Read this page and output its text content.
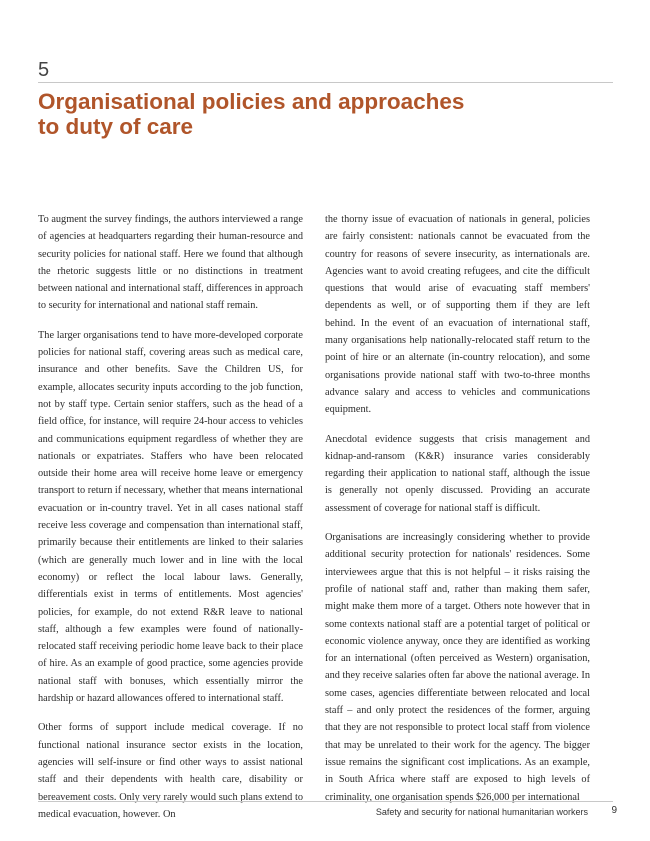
5
Organisational policies and approaches
to duty of care

To augment the survey findings, the authors interviewed a range of agencies at headquarters regarding their human-resource and security policies for national staff. Here we found that although the rhetoric suggests little or no distinctions in treatment between national and international staff, differences in approach to security for international and national staff remain.

The larger organisations tend to have more-developed corporate policies for national staff, covering areas such as medical care, insurance and other benefits. Save the Children US, for example, allocates security inputs according to the job function, not by staff type. Certain senior staffers, such as the head of a field office, for instance, will require 24-hour access to vehicles and communications equipment regardless of whether they are nationals or expatriates. Staffers who have been relocated outside their home area will receive home leave or emergency transport to return if necessary, whether that means international evacuation or in-country travel. Yet in all cases national staff receive less coverage and compensation than international staff, primarily because their entitlements are linked to their salaries (which are generally much lower and in line with the local economy) or reflect the local labour laws. Generally, differentials exist in terms of entitlements. Most agencies' policies, for example, do not extend R&R leave to national staff, although a few examples were found of nationally-relocated staff receiving periodic home leave back to their place of hire. As an example of good practice, some agencies provide national staff with bonuses, which essentially mirror the hardship or hazard allowances offered to international staff.

Other forms of support include medical coverage. If no functional national insurance sector exists in the location, agencies will self-insure or find other ways to assist national staff and their dependents with health care, disability or bereavement costs. Only very rarely would such plans extend to medical evacuation, however. On

the thorny issue of evacuation of nationals in general, policies are fairly consistent: nationals cannot be evacuated from the country for reasons of severe insecurity, as internationals are. Agencies want to avoid creating refugees, and cite the difficult questions that would arise of evacuating staff members' dependents as well, or of supporting them if they are left behind. In the event of an evacuation of international staff, many organisations help nationally-relocated staff return to the point of hire or an alternate (in-country relocation), and some organisations provide national staff with two-to-three months advance salary and access to vehicles and communications equipment.

Anecdotal evidence suggests that crisis management and kidnap-and-ransom (K&R) insurance varies considerably regarding their application to national staff, although the issue is generally not openly discussed. Providing an accurate assessment of coverage for national staff is difficult.

Organisations are increasingly considering whether to provide additional security protection for nationals' residences. Some interviewees argue that this is not helpful – it risks raising the profile of national staff and, rather than making them safer, might make them more of a target. Others note however that in some contexts national staff are a potential target of political or economic violence anyway, once they are identified as working for an international (often perceived as Western) organisation, and they receive salaries often far above the national average. In some cases, agencies differentiate between relocated and local staff – and only protect the residences of the former, arguing that they are not responsible to protect local staff from violence that may be unrelated to their work for the agency. The bigger issue remains the significant cost implications. As an example, in South Africa where staff are exposed to high levels of criminality, one organisation spends $26,000 per international

Safety and security for national humanitarian workers 9
